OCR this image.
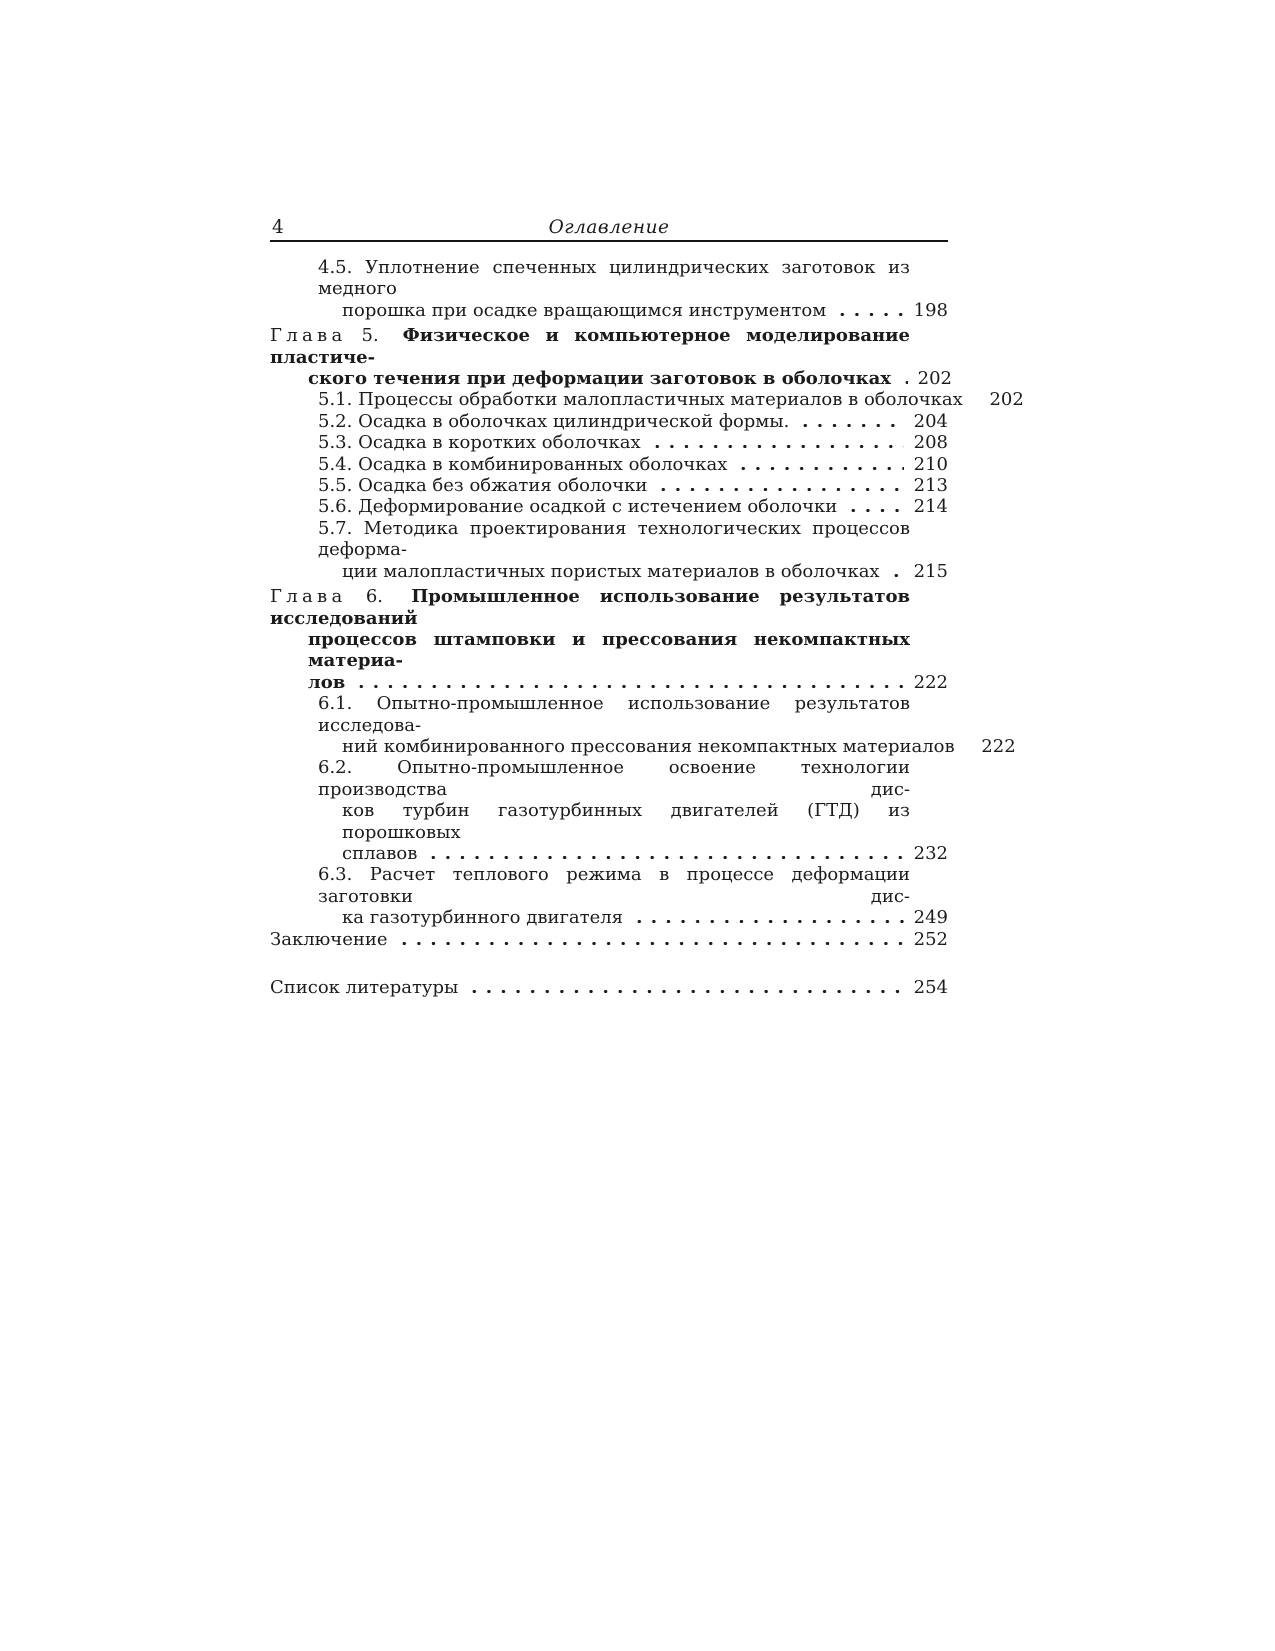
4	Оглавление
4.5. Уплотнение спеченных цилиндрических заготовок из медного
порошка при осадке вращающимся инструментом	198
Глава 5. Физическое и компьютерное моделирование пластиче-
ского течения при деформации заготовок в оболочках 202
5.1. Процессы обработки малопластичных материалов в оболочках 202
5.2. Осадка в оболочках цилиндрической формы.	204
5.3. Осадка в коротких оболочках	208
5.4. Осадка в комбинированных оболочках	210
5.5. Осадка без обжатия оболочки	213
5.6. Деформирование осадкой с истечением оболочки	214
5.7. Методика проектирования технологических процессов деформа-
ции малопластичных пористых материалов в оболочках 215
Глава 6. Промышленное использование результатов исследований
процессов штамповки и прессования некомпактных материа-
лов	222
6.1. Опытно-промышленное использование результатов исследова-
ний комбинированного прессования некомпактных материалов 222
6.2. Опытно-промышленное освоение технологии производства дис-
ков турбин газотурбинных двигателей (ГТД) из порошковых
сплавов	232
6.3. Расчет теплового режима в процессе деформации заготовки дис-
ка газотурбинного двигателя	249
Заключение	252
Список литературы	254
